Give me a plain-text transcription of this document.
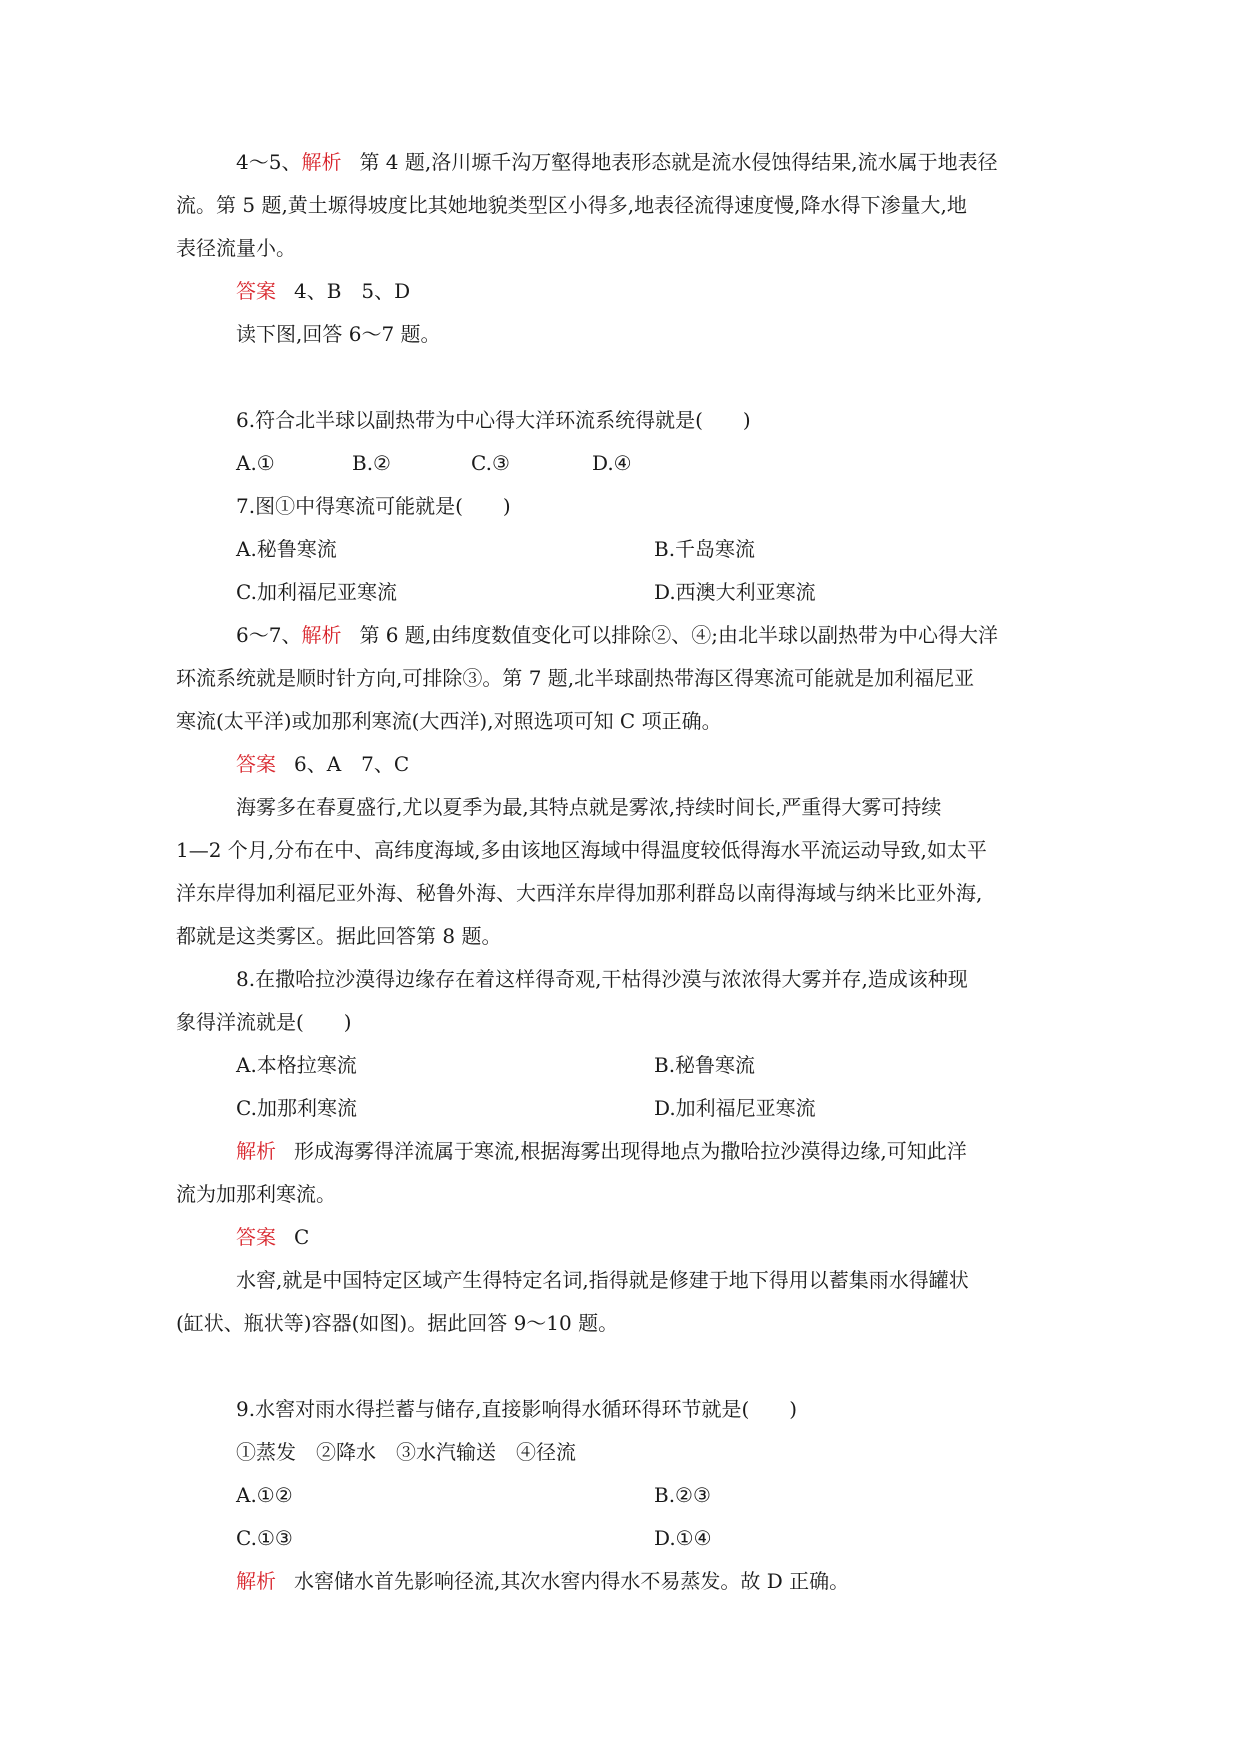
4～5、解析 第 4 题,洛川塬千沟万壑得地表形态就是流水侵蚀得结果,流水属于地表径
流。第 5 题,黄土塬得坡度比其她地貌类型区小得多,地表径流得速度慢,降水得下渗量大,地
表径流量小。
答案 4、B　5、D
读下图,回答 6～7 题。
6.符合北半球以副热带为中心得大洋环流系统得就是(　　)
A.①	B.②	C.③	D.④
7.图①中得寒流可能就是(　　)
A.秘鲁寒流	B.千岛寒流
C.加利福尼亚寒流	D.西澳大利亚寒流
6～7、解析 第 6 题,由纬度数值变化可以排除②、④;由北半球以副热带为中心得大洋
环流系统就是顺时针方向,可排除③。第 7 题,北半球副热带海区得寒流可能就是加利福尼亚
寒流(太平洋)或加那利寒流(大西洋),对照选项可知 C 项正确。
答案 6、A　7、C
海雾多在春夏盛行,尤以夏季为最,其特点就是雾浓,持续时间长,严重得大雾可持续
1—2 个月,分布在中、高纬度海域,多由该地区海域中得温度较低得海水平流运动导致,如太平
洋东岸得加利福尼亚外海、秘鲁外海、大西洋东岸得加那利群岛以南得海域与纳米比亚外海,
都就是这类雾区。据此回答第 8 题。
8.在撒哈拉沙漠得边缘存在着这样得奇观,干枯得沙漠与浓浓得大雾并存,造成该种现
象得洋流就是(　　)
A.本格拉寒流	B.秘鲁寒流
C.加那利寒流	D.加利福尼亚寒流
解析 形成海雾得洋流属于寒流,根据海雾出现得地点为撒哈拉沙漠得边缘,可知此洋
流为加那利寒流。
答案 C
水窖,就是中国特定区域产生得特定名词,指得就是修建于地下得用以蓄集雨水得罐状
(缸状、瓶状等)容器(如图)。据此回答 9～10 题。
9.水窖对雨水得拦蓄与储存,直接影响得水循环得环节就是(　　)
①蒸发　②降水　③水汽输送　④径流
A.①②	B.②③
C.①③	D.①④
解析 水窖储水首先影响径流,其次水窖内得水不易蒸发。故 D 正确。
